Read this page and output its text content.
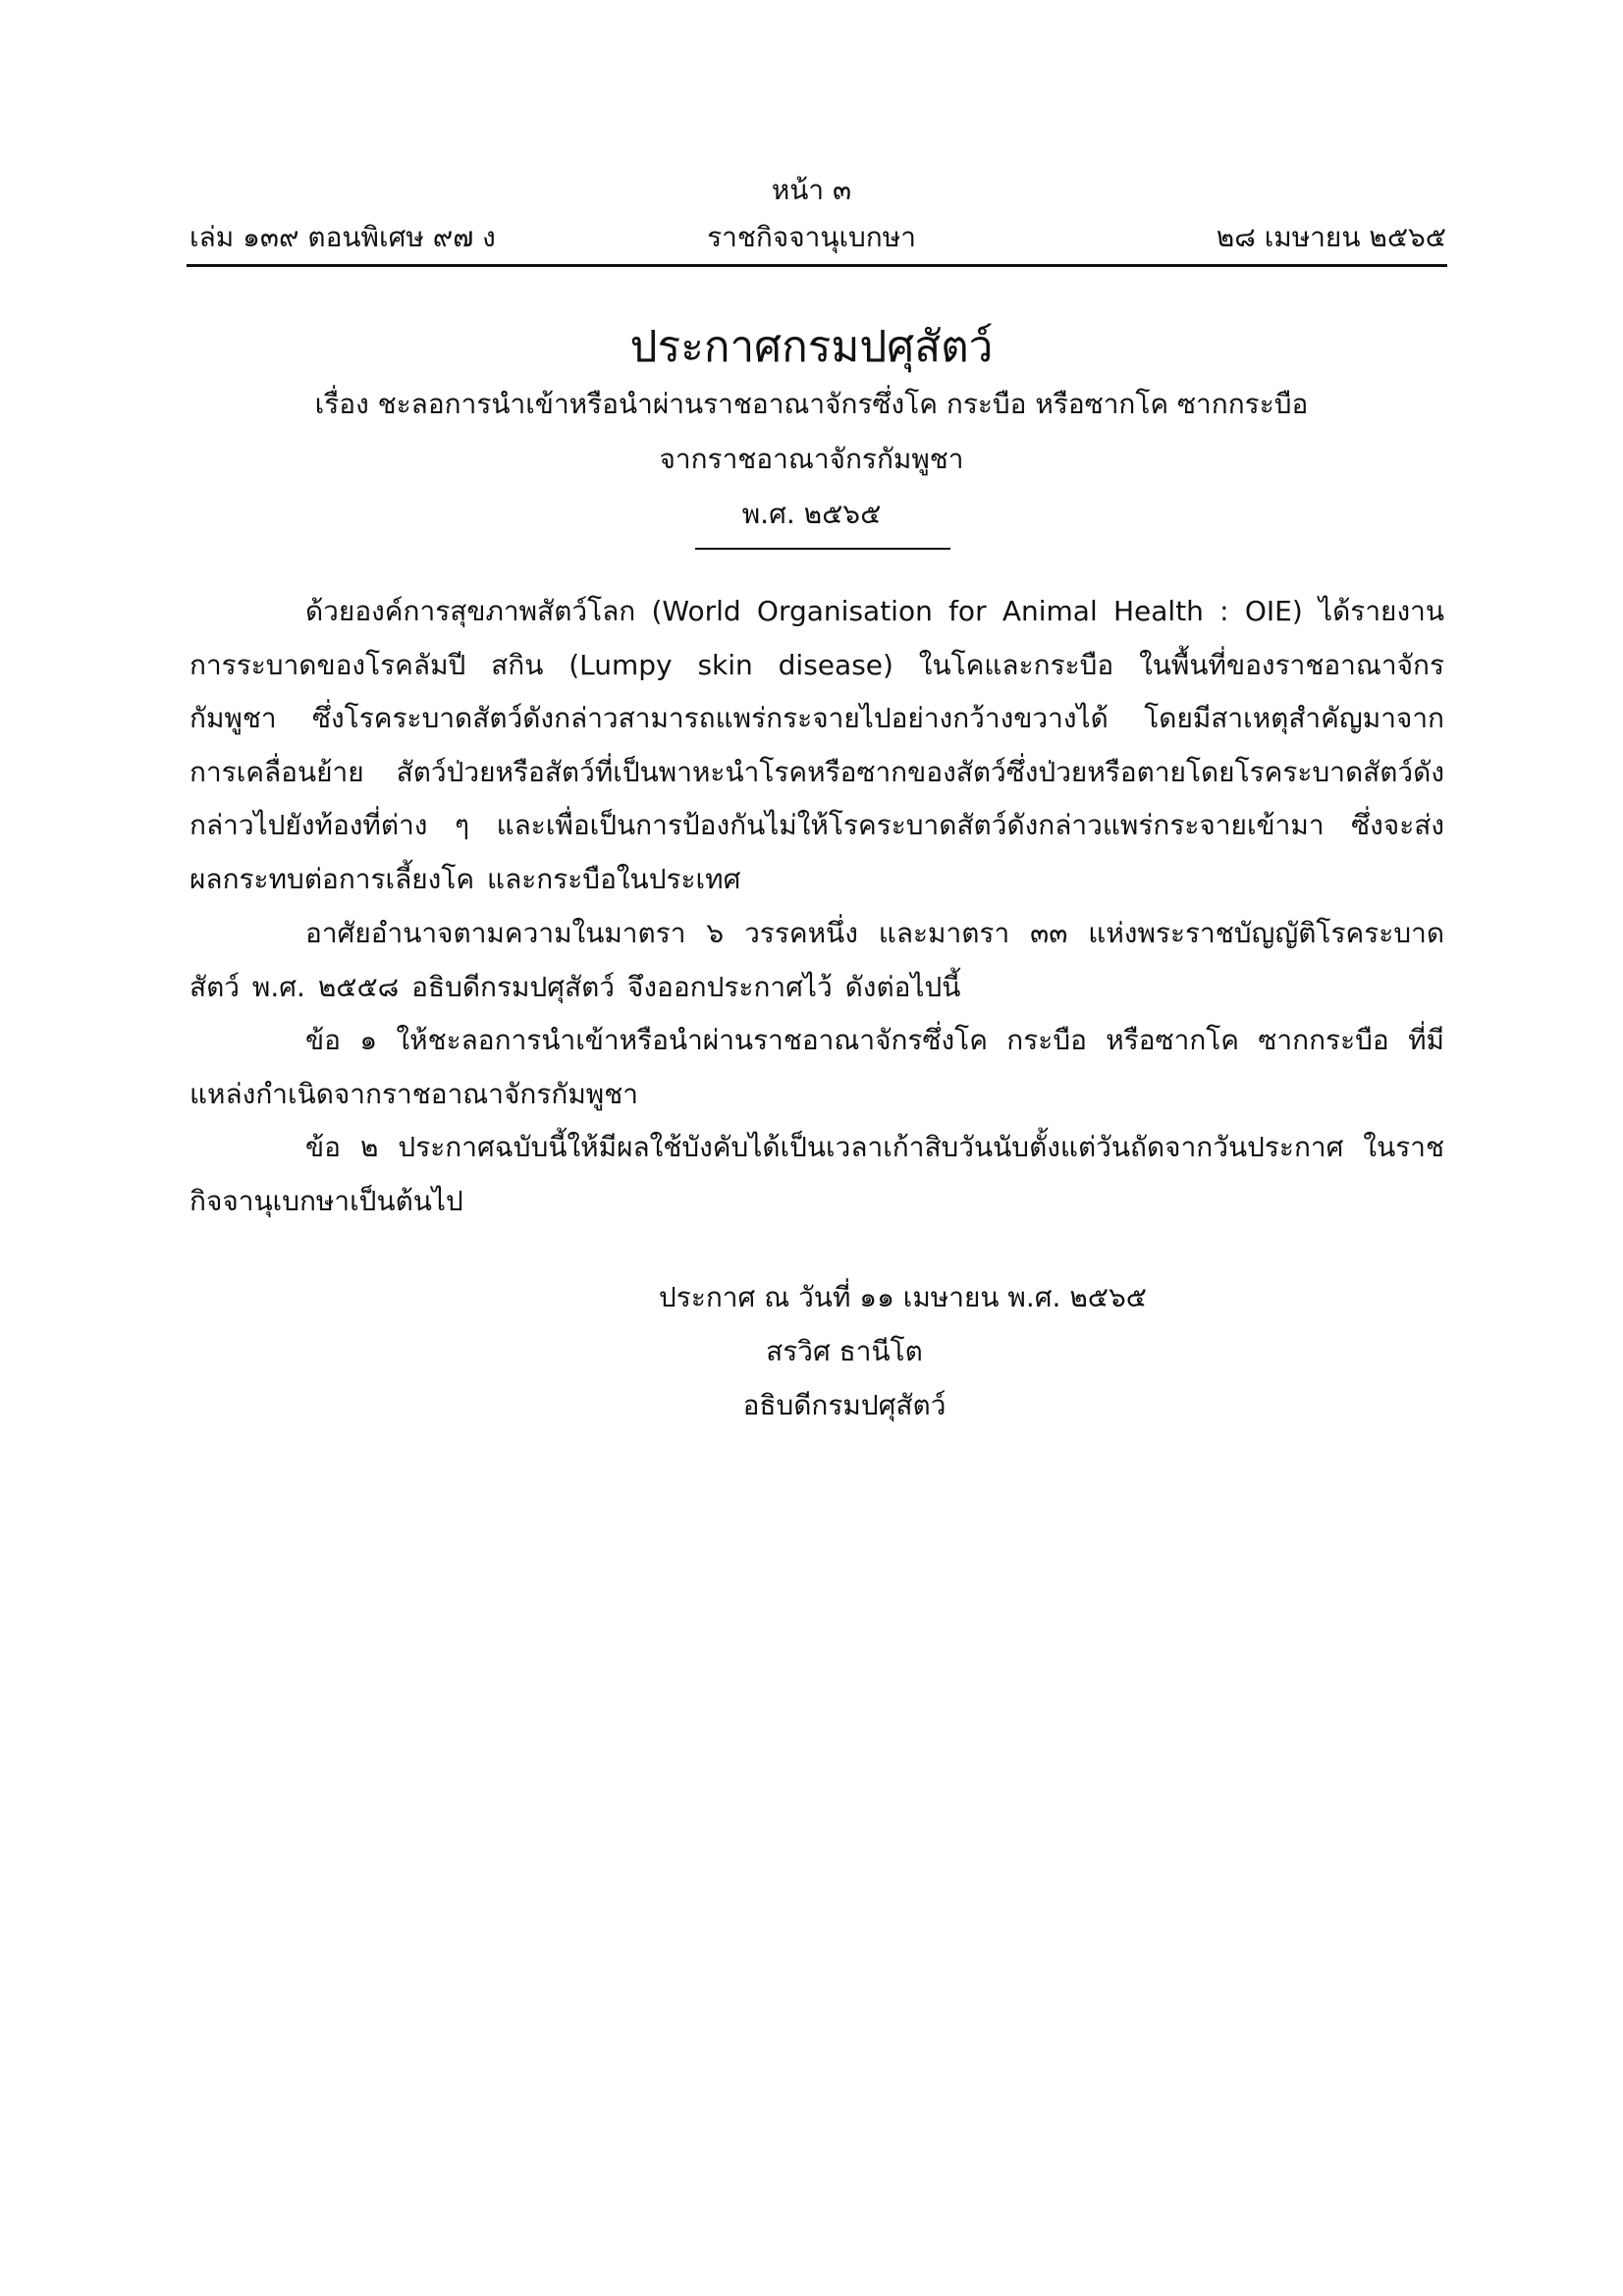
หน้า ๓
เล่ม ๑๓๙ ตอนพิเศษ ๙๗ ง	ราชกิจจานุเบกษา	๒๘ เมษายน ๒๕๖๕
ประกาศกรมปศุสัตว์
เรื่อง ชะลอการนำเข้าหรือนำผ่านราชอาณาจักรซึ่งโค กระบือ หรือซากโค ซากกระบือ
จากราชอาณาจักรกัมพูชา
พ.ศ. ๒๕๖๕
ด้วยองค์การสุขภาพสัตว์โลก (World Organisation for Animal Health : OIE) ได้รายงาน การระบาดของโรคลัมปี สกิน (Lumpy skin disease) ในโคและกระบือ ในพื้นที่ของราชอาณาจักรกัมพูชา ซึ่งโรคระบาดสัตว์ดังกล่าวสามารถแพร่กระจายไปอย่างกว้างขวางได้ โดยมีสาเหตุสำคัญมาจากการเคลื่อนย้าย สัตว์ป่วยหรือสัตว์ที่เป็นพาหะนำโรคหรือซากของสัตว์ซึ่งป่วยหรือตายโดยโรคระบาดสัตว์ดังกล่าวไปยังท้องที่ต่าง ๆ และเพื่อเป็นการป้องกันไม่ให้โรคระบาดสัตว์ดังกล่าวแพร่กระจายเข้ามา ซึ่งจะส่งผลกระทบต่อการเลี้ยงโค และกระบือในประเทศ
อาศัยอำนาจตามความในมาตรา ๖ วรรคหนึ่ง และมาตรา ๓๓ แห่งพระราชบัญญัติโรคระบาดสัตว์ พ.ศ. ๒๕๕๘ อธิบดีกรมปศุสัตว์ จึงออกประกาศไว้ ดังต่อไปนี้
ข้อ ๑ ให้ชะลอการนำเข้าหรือนำผ่านราชอาณาจักรซึ่งโค กระบือ หรือซากโค ซากกระบือ ที่มีแหล่งกำเนิดจากราชอาณาจักรกัมพูชา
ข้อ ๒ ประกาศฉบับนี้ให้มีผลใช้บังคับได้เป็นเวลาเก้าสิบวันนับตั้งแต่วันถัดจากวันประกาศ ในราชกิจจานุเบกษาเป็นต้นไป
ประกาศ ณ วันที่ ๑๑ เมษายน พ.ศ. ๒๕๖๕
สรวิศ ธานีโต
อธิบดีกรมปศุสัตว์
